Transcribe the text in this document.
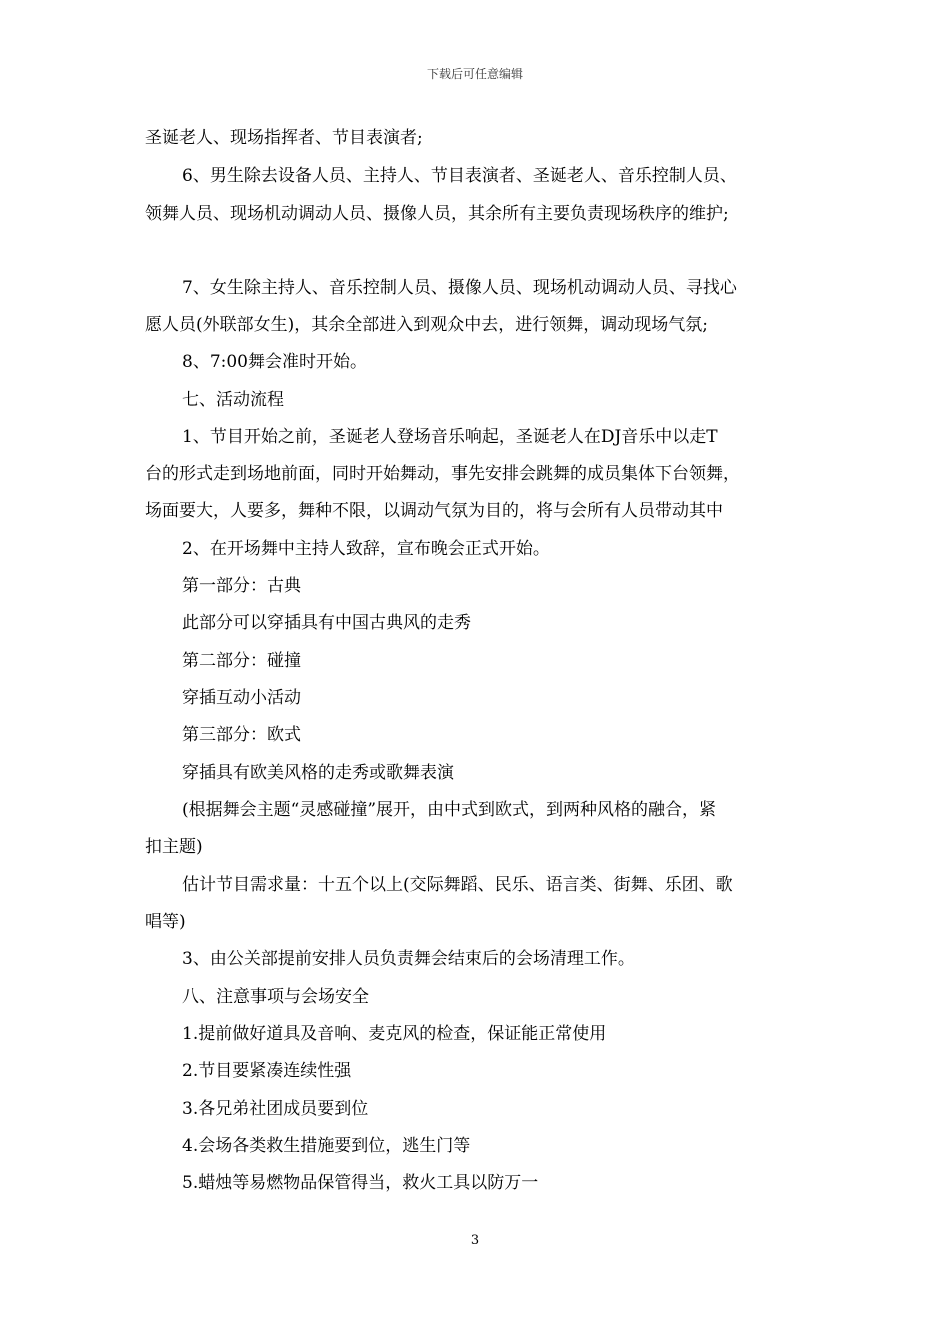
下载后可任意编辑
圣诞老人、现场指挥者、节目表演者;
6、男生除去设备人员、主持人、节目表演者、圣诞老人、音乐控制人员、
领舞人员、现场机动调动人员、摄像人员，其余所有主要负责现场秩序的维护;
7、女生除主持人、音乐控制人员、摄像人员、现场机动调动人员、寻找心
愿人员(外联部女生)，其余全部进入到观众中去，进行领舞，调动现场气氛;
8、7:00舞会准时开始。
七、活动流程
1、节目开始之前，圣诞老人登场音乐响起，圣诞老人在DJ音乐中以走T
台的形式走到场地前面，同时开始舞动，事先安排会跳舞的成员集体下台领舞，
场面要大，人要多，舞种不限，以调动气氛为目的，将与会所有人员带动其中
2、在开场舞中主持人致辞，宣布晚会正式开始。
第一部分：古典
此部分可以穿插具有中国古典风的走秀
第二部分：碰撞
穿插互动小活动
第三部分：欧式
穿插具有欧美风格的走秀或歌舞表演
(根据舞会主题“灵感碰撞”展开，由中式到欧式，到两种风格的融合，紧
扣主题)
估计节目需求量：十五个以上(交际舞蹈、民乐、语言类、街舞、乐团、歌
唱等)
3、由公关部提前安排人员负责舞会结束后的会场清理工作。
八、注意事项与会场安全
1.提前做好道具及音响、麦克风的检查，保证能正常使用
2.节目要紧凑连续性强
3.各兄弟社团成员要到位
4.会场各类救生措施要到位，逃生门等
5.蜡烛等易燃物品保管得当，救火工具以防万一
3
